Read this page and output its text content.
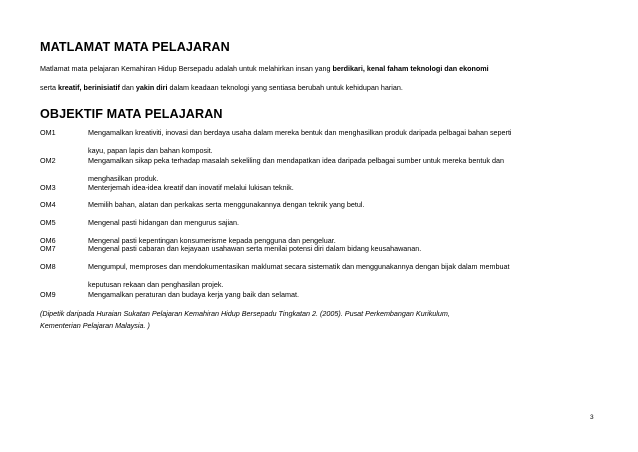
MATLAMAT MATA PELAJARAN
Matlamat mata pelajaran Kemahiran Hidup Bersepadu adalah untuk melahirkan insan yang berdikari, kenal faham teknologi dan ekonomi
serta kreatif, berinisiatif dan yakin diri dalam keadaan teknologi yang sentiasa berubah untuk kehidupan harian.
OBJEKTIF MATA PELAJARAN
OM1	Mengamalkan kreativiti, inovasi dan berdaya usaha dalam mereka bentuk dan menghasilkan produk daripada pelbagai bahan seperti
kayu, papan lapis dan bahan komposit.
OM2	Mengamalkan sikap peka terhadap masalah sekeliling dan mendapatkan idea daripada pelbagai sumber untuk mereka bentuk dan
menghasilkan produk.
OM3	Menterjemah idea-idea kreatif dan inovatif melalui lukisan teknik.
OM4	Memilih bahan, alatan dan perkakas serta menggunakannya dengan teknik yang betul.
OM5	Mengenal pasti hidangan dan mengurus sajian.
OM6	Mengenal pasti kepentingan konsumerisme kepada pengguna dan pengeluar.
OM7	Mengenal pasti cabaran dan kejayaan usahawan serta menilai potensi diri dalam bidang keusahawanan.
OM8	Mengumpul, memproses dan mendokumentasikan maklumat secara sistematik dan menggunakannya dengan bijak dalam membuat
keputusan rekaan dan penghasilan projek.
OM9	Mengamalkan peraturan dan budaya kerja yang baik dan selamat.
(Dipetik daripada Huraian Sukatan Pelajaran Kemahiran Hidup Bersepadu Tingkatan 2. (2005). Pusat Perkembangan Kurikulum,
Kementerian Pelajaran Malaysia. )
3
